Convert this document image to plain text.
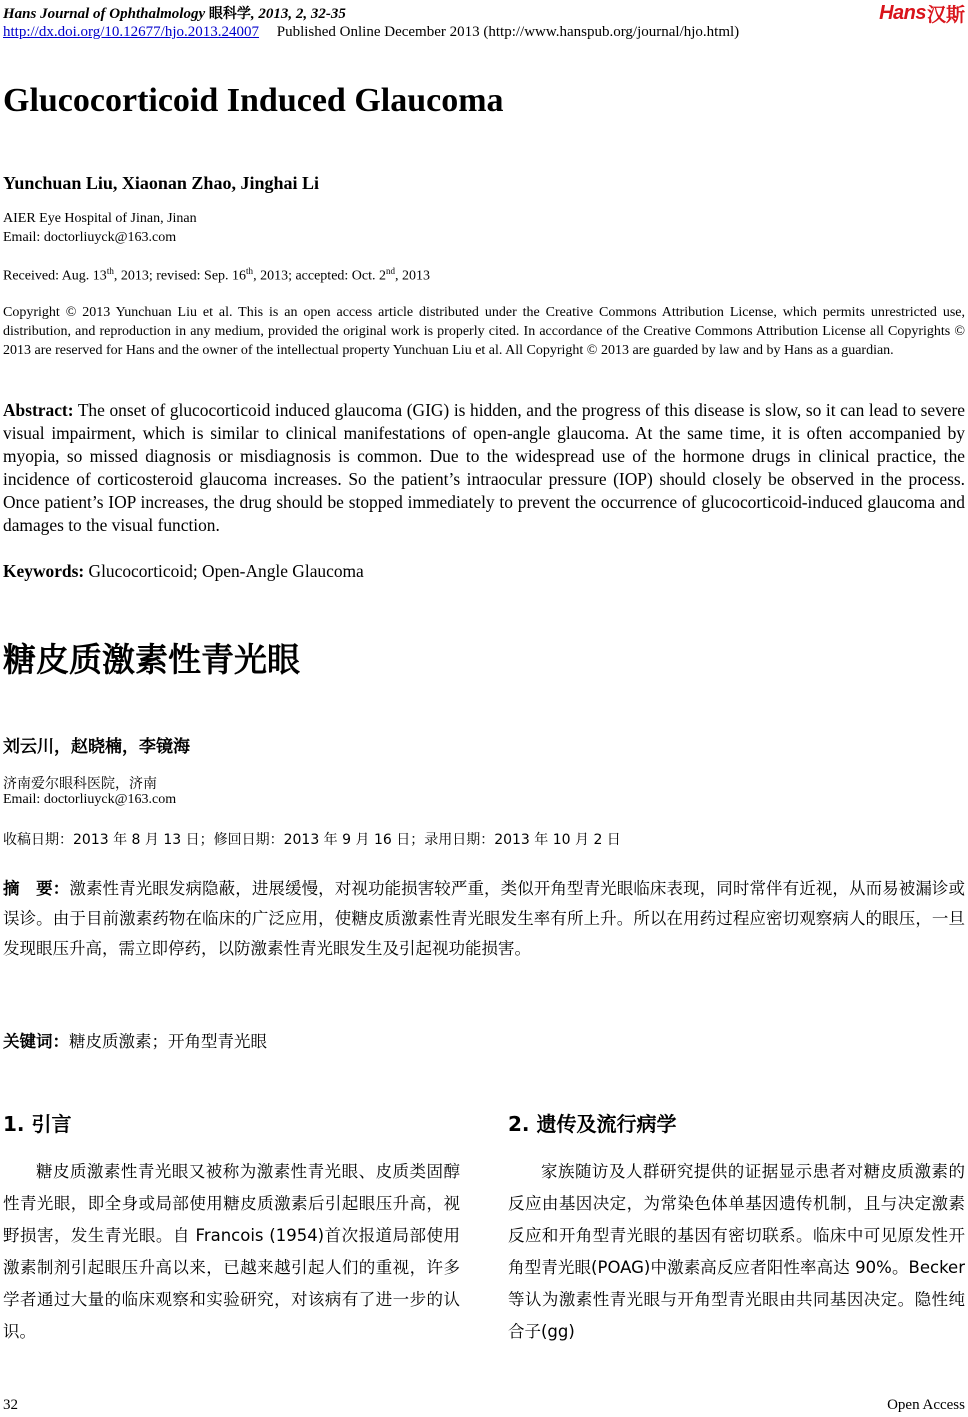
Hans Journal of Ophthalmology 眼科学, 2013, 2, 32-35
http://dx.doi.org/10.12677/hjo.2013.24007 Published Online December 2013 (http://www.hanspub.org/journal/hjo.html)
Hans 汉斯
Glucocorticoid Induced Glaucoma
Yunchuan Liu, Xiaonan Zhao, Jinghai Li
AIER Eye Hospital of Jinan, Jinan
Email: doctorliuyck@163.com
Received: Aug. 13th, 2013; revised: Sep. 16th, 2013; accepted: Oct. 2nd, 2013
Copyright © 2013 Yunchuan Liu et al. This is an open access article distributed under the Creative Commons Attribution License, which permits unrestricted use, distribution, and reproduction in any medium, provided the original work is properly cited. In accordance of the Creative Commons Attribution License all Copyrights © 2013 are reserved for Hans and the owner of the intellectual property Yunchuan Liu et al. All Copyright © 2013 are guarded by law and by Hans as a guardian.
Abstract: The onset of glucocorticoid induced glaucoma (GIG) is hidden, and the progress of this disease is slow, so it can lead to severe visual impairment, which is similar to clinical manifestations of open-angle glaucoma. At the same time, it is often accompanied by myopia, so missed diagnosis or misdiagnosis is common. Due to the widespread use of the hormone drugs in clinical practice, the incidence of corticosteroid glaucoma increases. So the patient’s intraocular pressure (IOP) should closely be observed in the process. Once patient’s IOP increases, the drug should be stopped immediately to prevent the occurrence of glucocorticoid-induced glaucoma and damages to the visual function.
Keywords: Glucocorticoid; Open-Angle Glaucoma
糖皮质激素性青光眼
刘云川，赵晓楠，李镜海
济南爱尔眼科医院，济南
Email: doctorliuyck@163.com
收稿日期：2013 年 8 月 13 日；修回日期：2013 年 9 月 16 日；录用日期：2013 年 10 月 2 日
摘　要：激素性青光眼发病隐蔽，进展缓慢，对视功能损害较严重，类似开角型青光眼临床表现，同时常伴有近视，从而易被漏诊或误诊。由于目前激素药物在临床的广泛应用，使糖皮质激素性青光眼发生率有所上升。所以在用药过程应密切观察病人的眼压，一旦发现眼压升高，需立即停药，以防激素性青光眼发生及引起视功能损害。
关键词：糖皮质激素；开角型青光眼
1. 引言
糖皮质激素性青光眼又被称为激素性青光眼、皮质类固醇性青光眼，即全身或局部使用糖皮质激素后引起眼压升高，视野损害，发生青光眼。自 Francois (1954)首次报道局部使用激素制剂引起眼压升高以来，已越来越引起人们的重视，许多学者通过大量的临床观察和实验研究，对该病有了进一步的认识。
2. 遗传及流行病学
家族随访及人群研究提供的证据显示患者对糖皮质激素的反应由基因决定，为常染色体单基因遗传机制，且与决定激素反应和开角型青光眼的基因有密切联系。临床中可见原发性开角型青光眼(POAG)中激素高反应者阳性率高达 90%。Becker 等认为激素性青光眼与开角型青光眼由共同基因决定。隐性纯合子(gg)
32	Open Access
